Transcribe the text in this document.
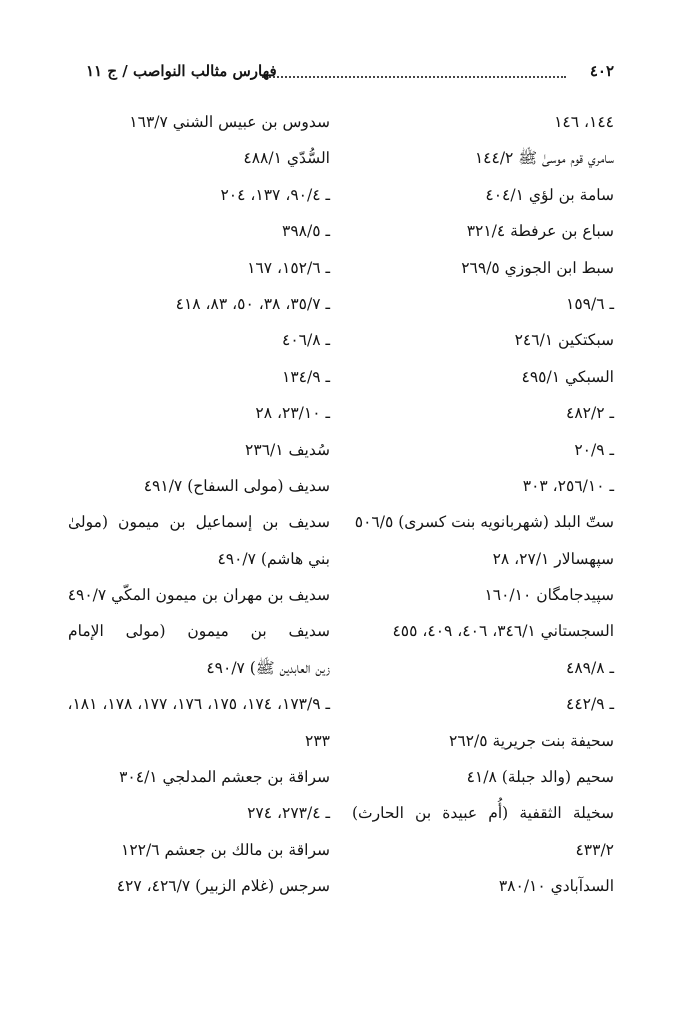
٤٠٢
فهارس مثالب النواصب / ج ١١
١٤٤، ١٤٦
سامري قوم موسىٰ ﷺ ١٤٤/٢
سامة بن لؤي ٤٠٤/١
سباع بن عرفطة ٣٢١/٤
سبط ابن الجوزي ٢٦٩/٥
ـ ١٥٩/٦
سبكتكين ٢٤٦/١
السبكي ٤٩٥/١
ـ ٤٨٢/٢
ـ ٢٠/٩
ـ ٢٥٦/١٠، ٣٠٣
ستّ البلد (شهربانويه بنت كسرى) ٥٠٦/٥
سپهسالار ٢٧/١، ٢٨
سپيدجامگان ١٦٠/١٠
السجستاني ٣٤٦/١، ٤٠٦، ٤٠٩، ٤٥٥
ـ ٤٨٩/٨
ـ ٤٤٢/٩
سحيفة بنت جريرية ٢٦٢/٥
سحيم (والد جبلة) ٤١/٨
سخيلة الثقفية (أُم عبيدة بن الحارث)
٤٣٣/٢
السدآبادي ٣٨٠/١٠
سدوس بن عبيس الشني ١٦٣/٧
السُّدّي ٤٨٨/١
ـ ٩٠/٤، ١٣٧، ٢٠٤
ـ ٣٩٨/٥
ـ ١٥٢/٦، ١٦٧
ـ ٣٥/٧، ٣٨، ٥٠، ٨٣، ٤١٨
ـ ٤٠٦/٨
ـ ١٣٤/٩
ـ ٢٣/١٠، ٢٨
سُديف ٢٣٦/١
سديف (مولى السفاح) ٤٩١/٧
سديف بن إسماعيل بن ميمون (مولىٰ
بني هاشم) ٤٩٠/٧
سديف بن مهران بن ميمون المكّي ٤٩٠/٧
سديف بن ميمون (مولى الإمام
زين العابدين ﷺ) ٤٩٠/٧
ـ ١٧٣/٩، ١٧٤، ١٧٥، ١٧٦، ١٧٧، ١٧٨، ١٨١،
٢٣٣
سراقة بن جعشم المدلجي ٣٠٤/١
ـ ٢٧٣/٤، ٢٧٤
سراقة بن مالك بن جعشم ١٢٢/٦
سرجس (غلام الزبير) ٤٢٦/٧، ٤٢٧
